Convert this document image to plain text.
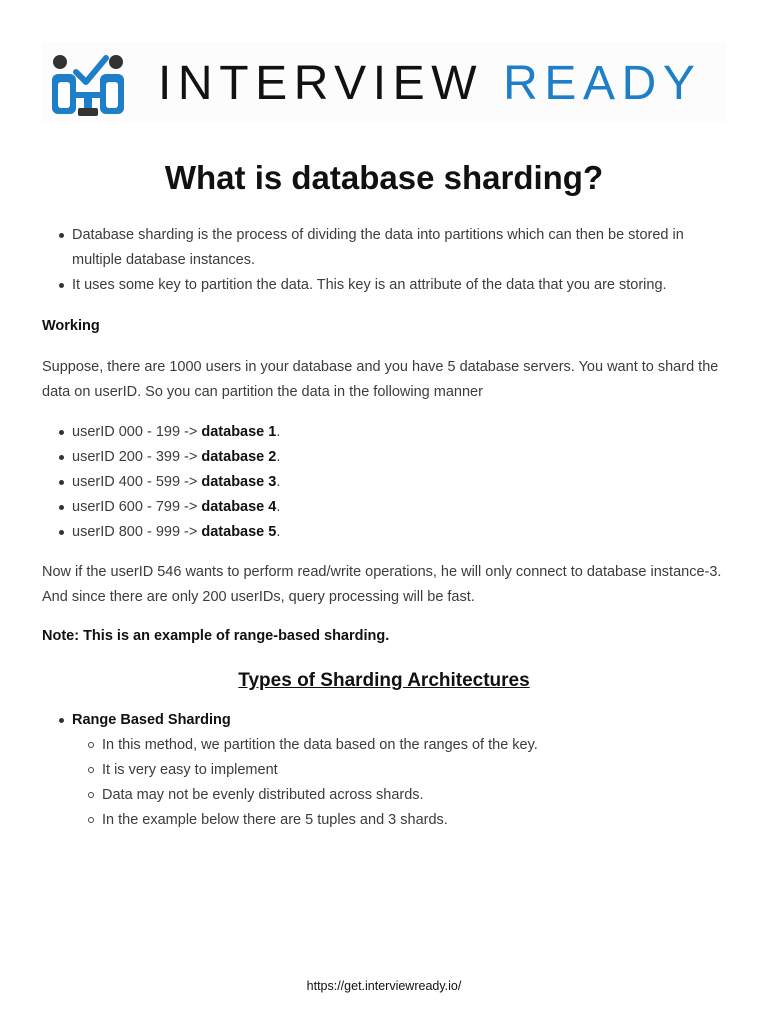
INTERVIEW READY
What is database sharding?
Database sharding is the process of dividing the data into partitions which can then be stored in multiple database instances.
It uses some key to partition the data. This key is an attribute of the data that you are storing.
Working
Suppose, there are 1000 users in your database and you have 5 database servers. You want to shard the data on userID. So you can partition the data in the following manner
userID 000 - 199 -> database 1.
userID 200 - 399 -> database 2.
userID 400 - 599 -> database 3.
userID 600 - 799 -> database 4.
userID 800 - 999 -> database 5.
Now if the userID 546 wants to perform read/write operations, he will only connect to database instance-3. And since there are only 200 userIDs, query processing will be fast.
Note: This is an example of range-based sharding.
Types of Sharding Architectures
Range Based Sharding
In this method, we partition the data based on the ranges of the key.
It is very easy to implement
Data may not be evenly distributed across shards.
In the example below there are 5 tuples and 3 shards.
https://get.interviewready.io/
